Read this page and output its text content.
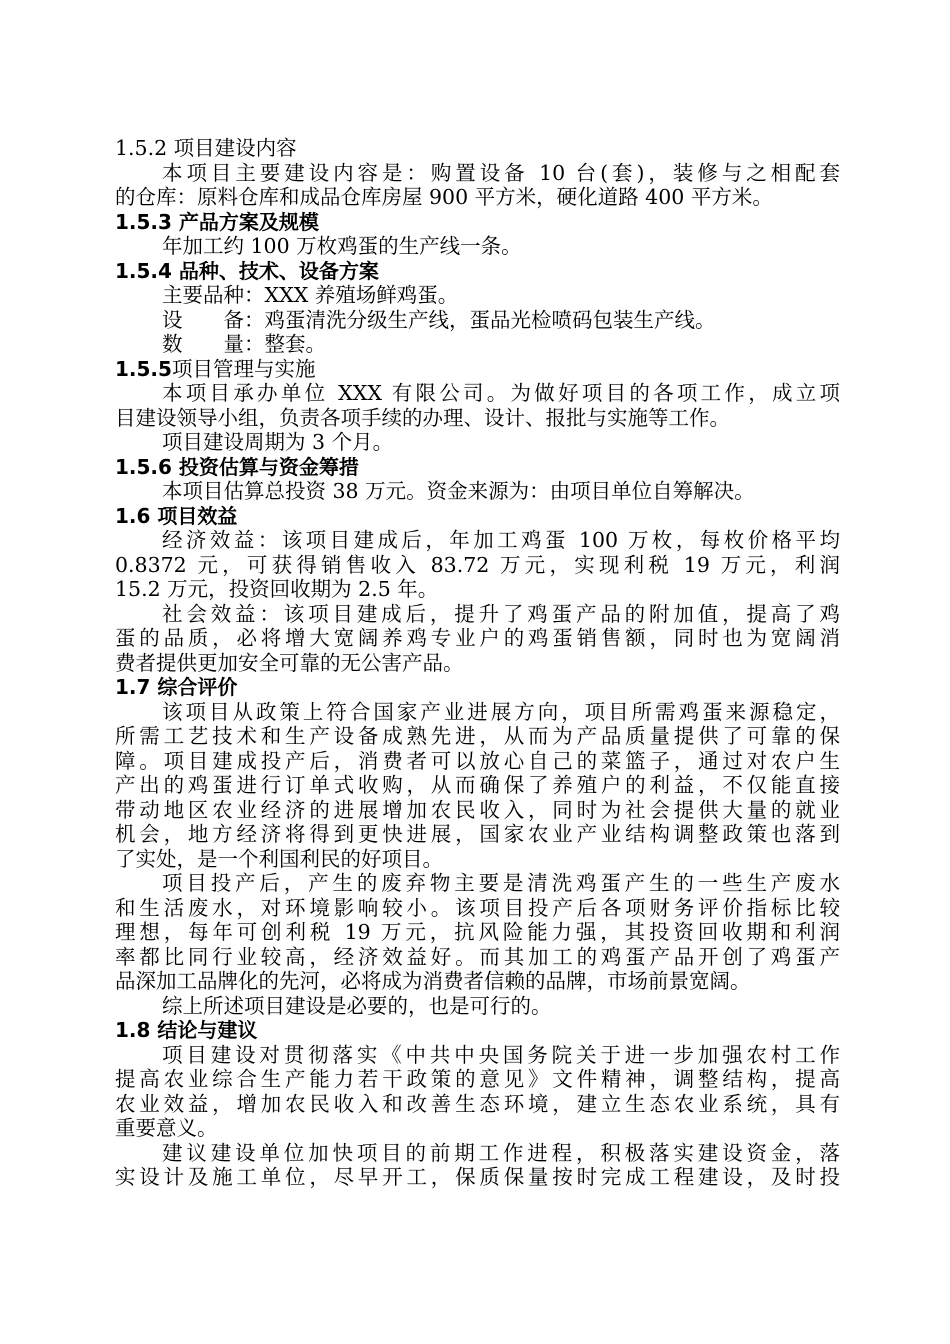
1.5.2 项目建设内容
本项目主要建设内容是：购置设备 10 台(套)，装修与之相配套
的仓库：原料仓库和成品仓库房屋 900 平方米，硬化道路 400 平方米。
1.5.3 产品方案及规模
年加工约 100 万枚鸡蛋的生产线一条。
1.5.4 品种、技术、设备方案
主要品种：XXX 养殖场鲜鸡蛋。
设　　备：鸡蛋清洗分级生产线，蛋品光检喷码包装生产线。
数　　量：整套。
1.5.5项目管理与实施
本项目承办单位 XXX 有限公司。为做好项目的各项工作，成立项
目建设领导小组，负责各项手续的办理、设计、报批与实施等工作。
项目建设周期为 3 个月。
1.5.6 投资估算与资金筹措
本项目估算总投资 38 万元。资金来源为：由项目单位自筹解决。
1.6 项目效益
经济效益：该项目建成后，年加工鸡蛋 100 万枚，每枚价格平均
0.8372 元，可获得销售收入 83.72 万元，实现利税 19 万元，利润
15.2 万元，投资回收期为 2.5 年。
社会效益：该项目建成后，提升了鸡蛋产品的附加值，提高了鸡
蛋的品质，必将增大宽阔养鸡专业户的鸡蛋销售额，同时也为宽阔消
费者提供更加安全可靠的无公害产品。
1.7 综合评价
该项目从政策上符合国家产业进展方向，项目所需鸡蛋来源稳定，
所需工艺技术和生产设备成熟先进，从而为产品质量提供了可靠的保
障。项目建成投产后，消费者可以放心自己的菜篮子，通过对农户生
产出的鸡蛋进行订单式收购，从而确保了养殖户的利益，不仅能直接
带动地区农业经济的进展增加农民收入，同时为社会提供大量的就业
机会，地方经济将得到更快进展，国家农业产业结构调整政策也落到
了实处，是一个利国利民的好项目。
项目投产后，产生的废弃物主要是清洗鸡蛋产生的一些生产废水
和生活废水，对环境影响较小。该项目投产后各项财务评价指标比较
理想，每年可创利税 19 万元，抗风险能力强，其投资回收期和利润
率都比同行业较高，经济效益好。而其加工的鸡蛋产品开创了鸡蛋产
品深加工品牌化的先河，必将成为消费者信赖的品牌，市场前景宽阔。
综上所述项目建设是必要的，也是可行的。
1.8 结论与建议
项目建设对贯彻落实《中共中央国务院关于进一步加强农村工作
提高农业综合生产能力若干政策的意见》文件精神，调整结构，提高
农业效益，增加农民收入和改善生态环境，建立生态农业系统，具有
重要意义。
建议建设单位加快项目的前期工作进程，积极落实建设资金，落
实设计及施工单位，尽早开工，保质保量按时完成工程建设，及时投
